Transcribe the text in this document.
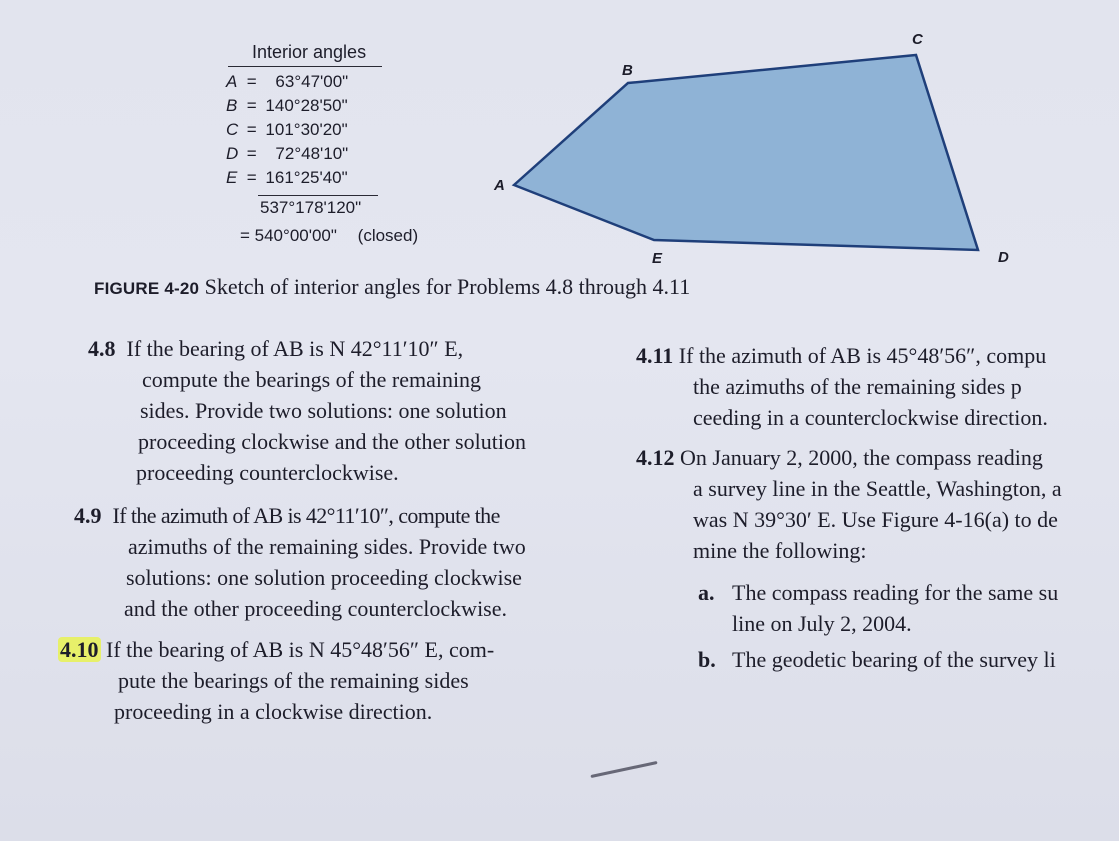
Interior angles
A = 63°47'00"
B = 140°28'50"
C = 101°30'20"
D = 72°48'10"
E = 161°25'40"
537°178'120"
= 540°00'00" (closed)
A
B
C
D
E
FIGURE 4-20 Sketch of interior angles for Problems 4.8 through 4.11
4.8 If the bearing of AB is N 42°11′10″ E,
compute the bearings of the remaining
sides. Provide two solutions: one solution
proceeding clockwise and the other solution
proceeding counterclockwise.
4.9 If the azimuth of AB is 42°11′10″, compute the
azimuths of the remaining sides. Provide two
solutions: one solution proceeding clockwise
and the other proceeding counterclockwise.
4.10 If the bearing of AB is N 45°48′56″ E, com-
pute the bearings of the remaining sides
proceeding in a clockwise direction.
4.11 If the azimuth of AB is 45°48′56″, compu
the azimuths of the remaining sides p
ceeding in a counterclockwise direction.
4.12 On January 2, 2000, the compass reading
a survey line in the Seattle, Washington, a
was N 39°30′ E. Use Figure 4-16(a) to de
mine the following:
a. The compass reading for the same su
line on July 2, 2004.
b. The geodetic bearing of the survey li
